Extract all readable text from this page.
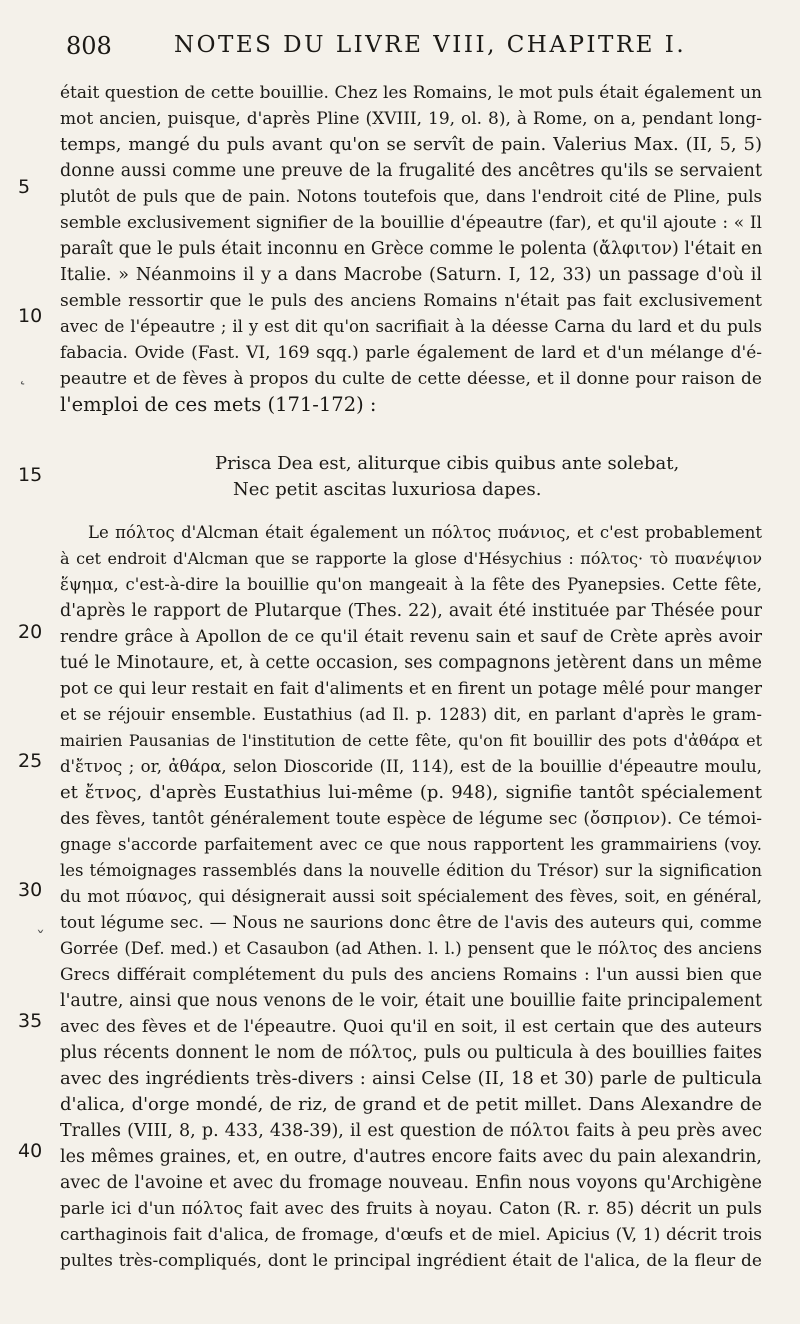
808	NOTES DU LIVRE VIII, CHAPITRE I.
5
10
15
20
25
30
35
40
˛
ˇ
était question de cette bouillie. Chez les Romains, le mot puls était également un
mot ancien, puisque, d'après Pline (XVIII, 19, ol. 8), à Rome, on a, pendant long-
temps, mangé du puls avant qu'on se servît de pain. Valerius Max. (II, 5, 5)
donne aussi comme une preuve de la frugalité des ancêtres qu'ils se servaient
plutôt de puls que de pain. Notons toutefois que, dans l'endroit cité de Pline, puls
semble exclusivement signifier de la bouillie d'épeautre (far), et qu'il ajoute : « Il
paraît que le puls était inconnu en Grèce comme le polenta (ἄλφιτον) l'était en
Italie. » Néanmoins il y a dans Macrobe (Saturn. I, 12, 33) un passage d'où il
semble ressortir que le puls des anciens Romains n'était pas fait exclusivement
avec de l'épeautre ; il y est dit qu'on sacrifiait à la déesse Carna du lard et du puls
fabacia. Ovide (Fast. VI, 169 sqq.) parle également de lard et d'un mélange d'é-
peautre et de fèves à propos du culte de cette déesse, et il donne pour raison de
l'emploi de ces mets (171-172) :
Prisca Dea est, aliturque cibis quibus ante solebat,
Nec petit ascitas luxuriosa dapes.
Le πόλτος d'Alcman était également un πόλτος πυάνιος, et c'est probablement
à cet endroit d'Alcman que se rapporte la glose d'Hésychius : πόλτος· τὸ πυανέψιον
ἕψημα, c'est-à-dire la bouillie qu'on mangeait à la fête des Pyanepsies. Cette fête,
d'après le rapport de Plutarque (Thes. 22), avait été instituée par Thésée pour
rendre grâce à Apollon de ce qu'il était revenu sain et sauf de Crète après avoir
tué le Minotaure, et, à cette occasion, ses compagnons jetèrent dans un même
pot ce qui leur restait en fait d'aliments et en firent un potage mêlé pour manger
et se réjouir ensemble. Eustathius (ad Il. p. 1283) dit, en parlant d'après le gram-
mairien Pausanias de l'institution de cette fête, qu'on fit bouillir des pots d'ἀθάρα et
d'ἔτνος ; or, ἀθάρα, selon Dioscoride (II, 114), est de la bouillie d'épeautre moulu,
et ἔτνος, d'après Eustathius lui-même (p. 948), signifie tantôt spécialement
des fèves, tantôt généralement toute espèce de légume sec (ὄσπριον). Ce témoi-
gnage s'accorde parfaitement avec ce que nous rapportent les grammairiens (voy.
les témoignages rassemblés dans la nouvelle édition du Trésor) sur la signification
du mot πύανος, qui désignerait aussi soit spécialement des fèves, soit, en général,
tout légume sec. — Nous ne saurions donc être de l'avis des auteurs qui, comme
Gorrée (Def. med.) et Casaubon (ad Athen. l. l.) pensent que le πόλτος des anciens
Grecs différait complétement du puls des anciens Romains : l'un aussi bien que
l'autre, ainsi que nous venons de le voir, était une bouillie faite principalement
avec des fèves et de l'épeautre. Quoi qu'il en soit, il est certain que des auteurs
plus récents donnent le nom de πόλτος, puls ou pulticula à des bouillies faites
avec des ingrédients très-divers : ainsi Celse (II, 18 et 30) parle de pulticula
d'alica, d'orge mondé, de riz, de grand et de petit millet. Dans Alexandre de
Tralles (VIII, 8, p. 433, 438-39), il est question de πόλτοι faits à peu près avec
les mêmes graines, et, en outre, d'autres encore faits avec du pain alexandrin,
avec de l'avoine et avec du fromage nouveau. Enfin nous voyons qu'Archigène
parle ici d'un πόλτος fait avec des fruits à noyau. Caton (R. r. 85) décrit un puls
carthaginois fait d'alica, de fromage, d'œufs et de miel. Apicius (V, 1) décrit trois
pultes très-compliqués, dont le principal ingrédient était de l'alica, de la fleur de
